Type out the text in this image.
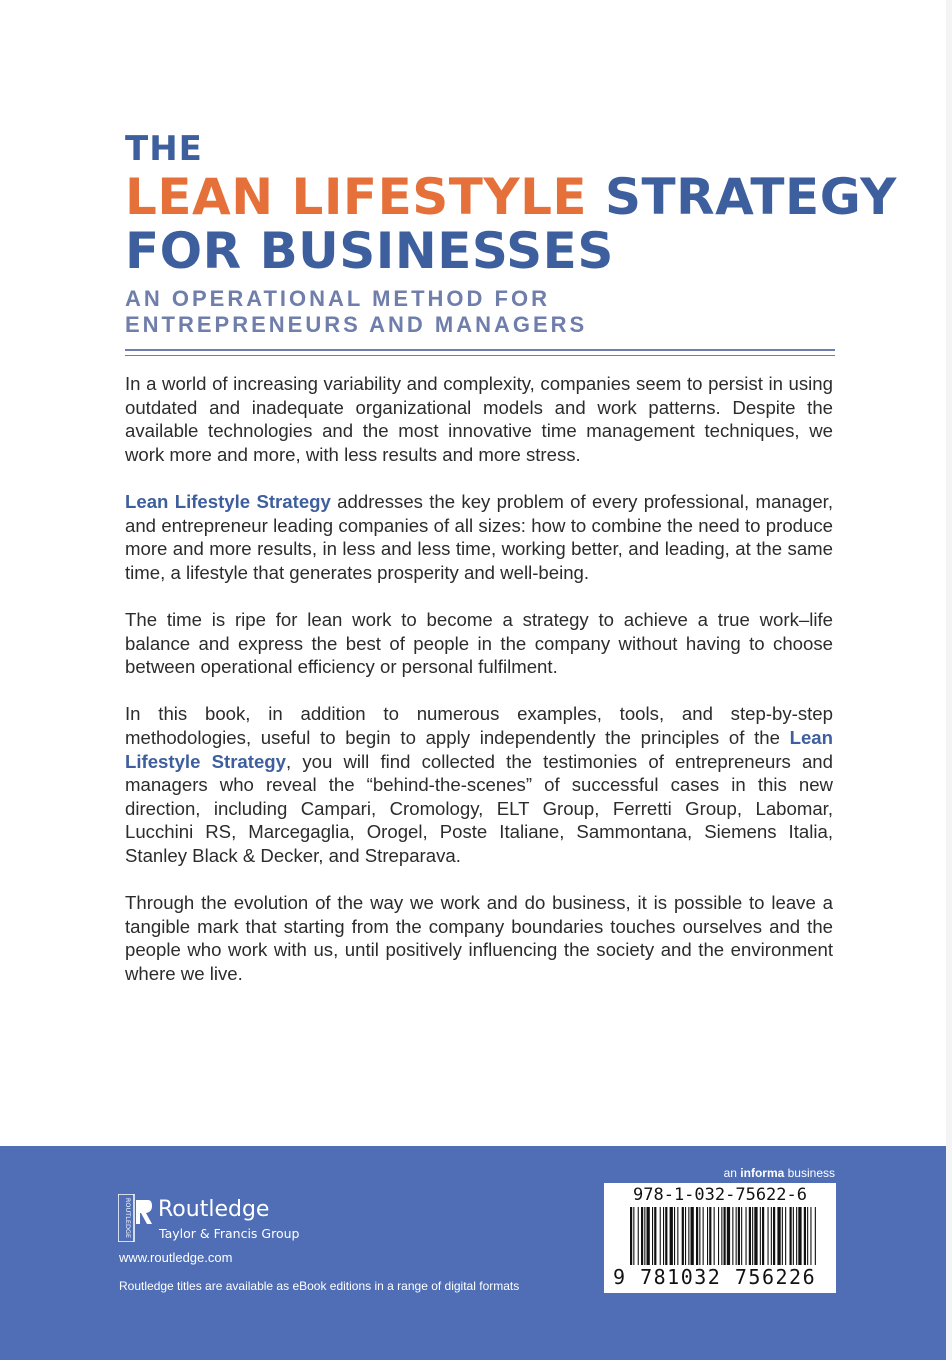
THE
LEAN LIFESTYLE STRATEGY
FOR BUSINESSES
AN OPERATIONAL METHOD FOR
ENTREPRENEURS AND MANAGERS

In a world of increasing variability and complexity, companies seem to persist in using outdated and inadequate organizational models and work patterns. Despite the available technologies and the most innovative time management techniques, we work more and more, with less results and more stress.

Lean Lifestyle Strategy addresses the key problem of every professional, manager, and entrepreneur leading companies of all sizes: how to combine the need to produce more and more results, in less and less time, working better, and leading, at the same time, a lifestyle that generates prosperity and well-being.

The time is ripe for lean work to become a strategy to achieve a true work–life balance and express the best of people in the company without having to choose between operational efficiency or personal fulfilment.

In this book, in addition to numerous examples, tools, and step-by-step methodologies, useful to begin to apply independently the principles of the Lean Lifestyle Strategy, you will find collected the testimonies of entrepreneurs and managers who reveal the “behind-the-scenes” of successful cases in this new direction, including Campari, Cromology, ELT Group, Ferretti Group, Labomar, Lucchini RS, Marcegaglia, Orogel, Poste Italiane, Sammontana, Siemens Italia, Stanley Black & Decker, and Streparava.

Through the evolution of the way we work and do business, it is possible to leave a tangible mark that starting from the company boundaries touches ourselves and the people who work with us, until positively influencing the society and the environment where we live.

ROUTLEDGE Routledge
Taylor & Francis Group
www.routledge.com
Routledge titles are available as eBook editions in a range of digital formats
an informa business
978-1-032-75622-6
9 781032 756226
